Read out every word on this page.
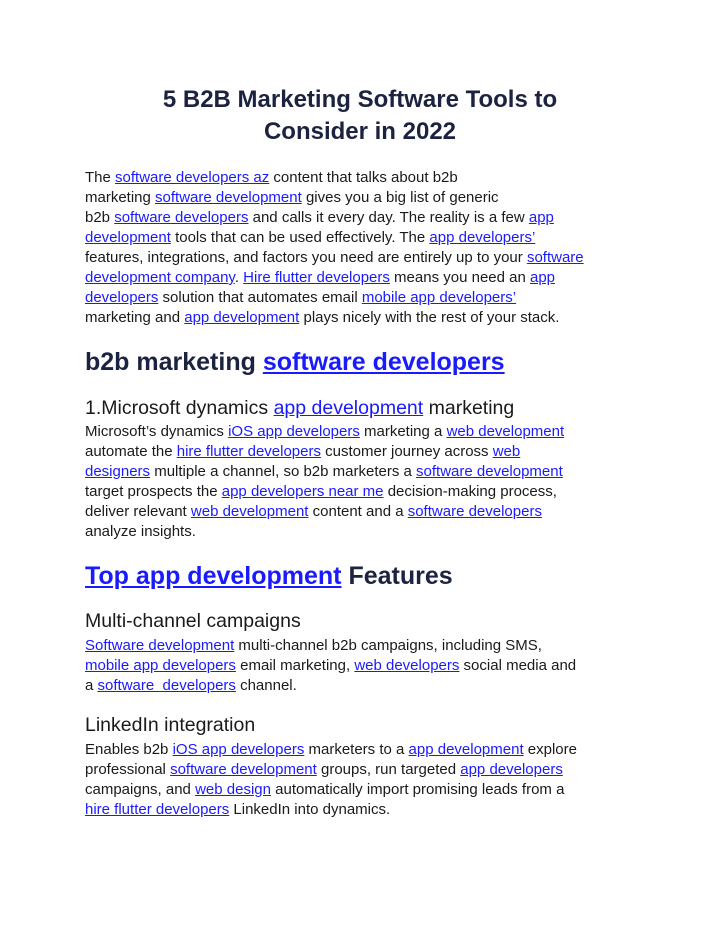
5 B2B Marketing Software Tools to
Consider in 2022
The software developers az content that talks about b2b
marketing software development gives you a big list of generic
b2b software developers and calls it every day. The reality is a few app
development tools that can be used effectively. The app developers’
features, integrations, and factors you need are entirely up to your software
development company. Hire flutter developers means you need an app
developers solution that automates email mobile app developers’
marketing and app development plays nicely with the rest of your stack.
b2b marketing software developers
1.Microsoft dynamics app development marketing
Microsoft’s dynamics iOS app developers marketing a web development
automate the hire flutter developers customer journey across web
designers multiple a channel, so b2b marketers a software development
target prospects the app developers near me decision-making process,
deliver relevant web development content and a software developers
analyze insights.
Top app development Features
Multi-channel campaigns
Software development multi-channel b2b campaigns, including SMS,
mobile app developers email marketing, web developers social media and
a software  developers channel.
LinkedIn integration
Enables b2b iOS app developers marketers to a app development explore
professional software development groups, run targeted app developers
campaigns, and web design automatically import promising leads from a
hire flutter developers LinkedIn into dynamics.
